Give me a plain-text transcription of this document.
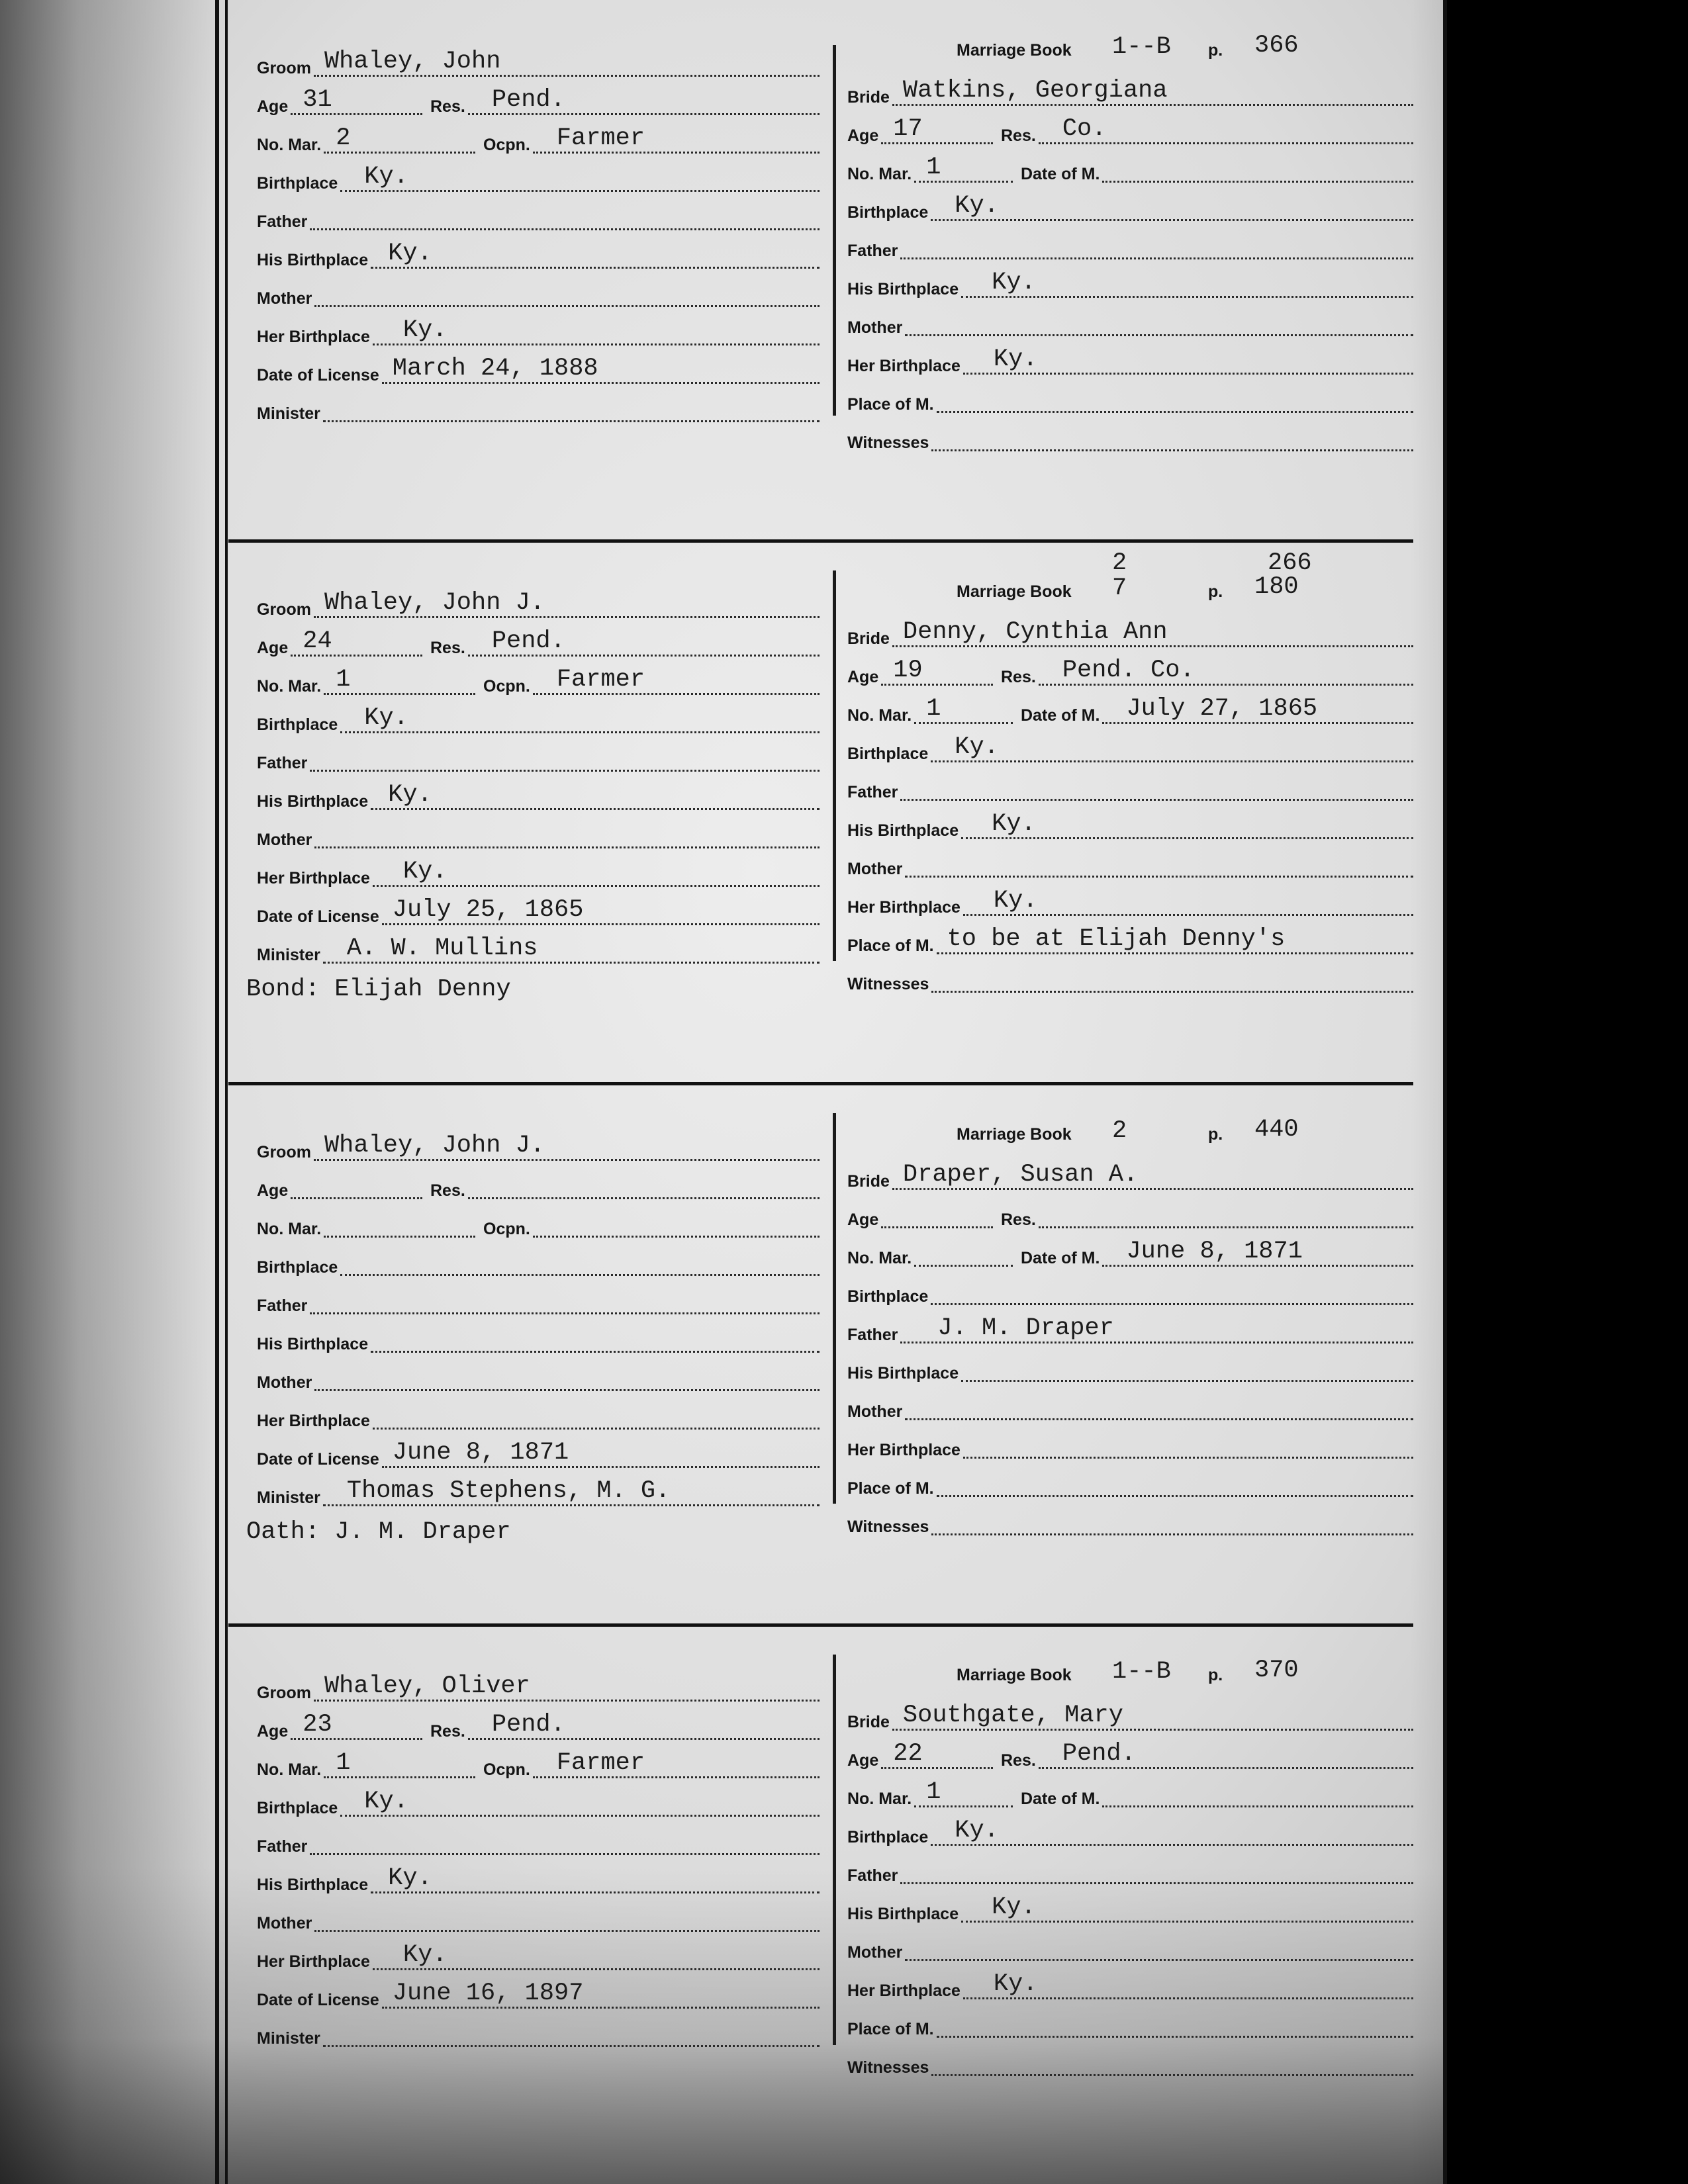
Groom Whaley, John
Age 31	Res. Pend.
No. Mar. 2	Ocpn. Farmer
Birthplace Ky.
Father
His Birthplace Ky.
Mother
Her Birthplace Ky.
Date of License March 24, 1888
Minister
Marriage Book 1--B p. 366
Bride Watkins, Georgiana
Age 17	Res. Co.
No. Mar. 1	Date of M.
Birthplace Ky.
Father
His Birthplace Ky.
Mother
Her Birthplace Ky.
Place of M.
Witnesses
Groom Whaley, John J.
Age 24	Res. Pend.
No. Mar. 1	Ocpn. Farmer
Birthplace Ky.
Father
His Birthplace Ky.
Mother
Her Birthplace Ky.
Date of License July 25, 1865
Minister A. W. Mullins
Bond: Elijah Denny
2	266
Marriage Book 7	p. 180
Bride Denny, Cynthia Ann
Age 19	Res. Pend. Co.
No. Mar. 1	Date of M. July 27, 1865
Birthplace Ky.
Father
His Birthplace Ky.
Mother
Her Birthplace Ky.
Place of M. to be at Elijah Denny's
Witnesses
Groom Whaley, John J.
Age	Res.
No. Mar.	Ocpn.
Birthplace
Father
His Birthplace
Mother
Her Birthplace
Date of License June 8, 1871
Minister Thomas Stephens, M. G.
Oath: J. M. Draper
Marriage Book 2	p. 440
Bride Draper, Susan A.
Age	Res.
No. Mar.	Date of M. June 8, 1871
Birthplace
Father J. M. Draper
His Birthplace
Mother
Her Birthplace
Place of M.
Witnesses
Groom Whaley, Oliver
Age 23	Res. Pend.
No. Mar. 1	Ocpn. Farmer
Birthplace Ky.
Father
His Birthplace Ky.
Mother
Her Birthplace Ky.
Date of License June 16, 1897
Minister
Marriage Book 1--B p. 370
Bride Southgate, Mary
Age 22	Res. Pend.
No. Mar. 1	Date of M.
Birthplace Ky.
Father
His Birthplace Ky.
Mother
Her Birthplace Ky.
Place of M.
Witnesses
